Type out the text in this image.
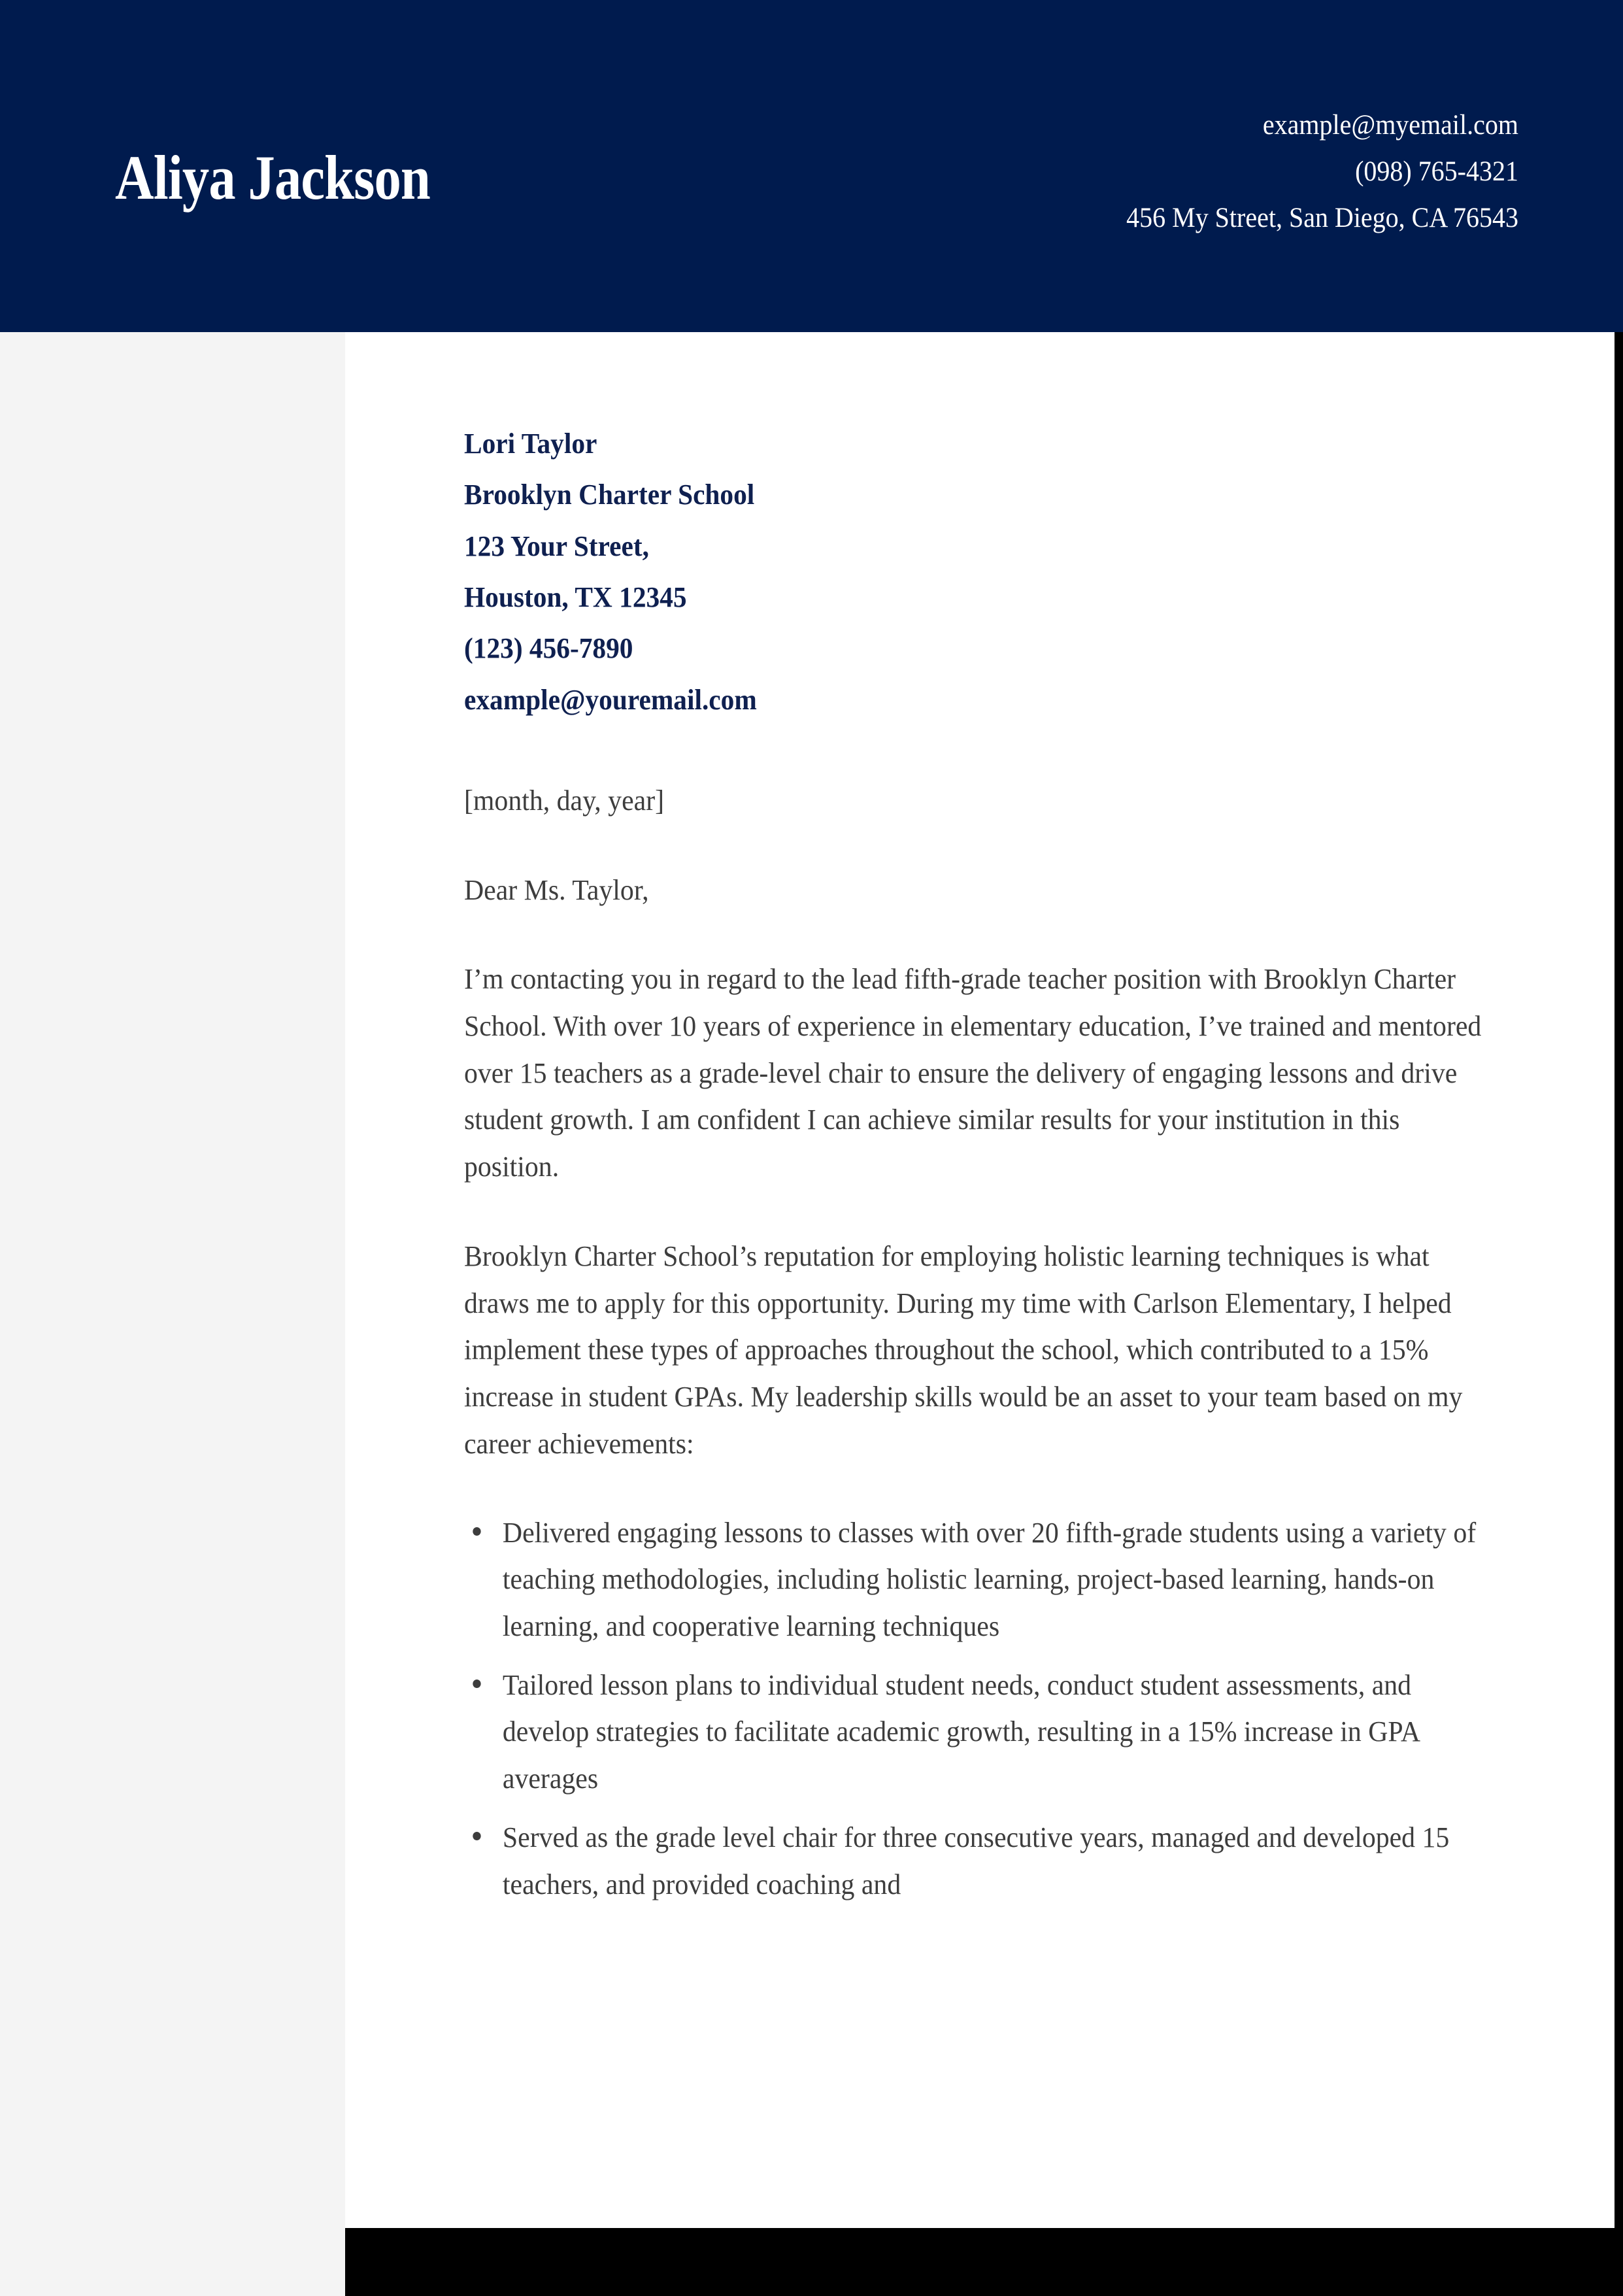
Aliya Jackson
example@myemail.com
(098) 765-4321
456 My Street, San Diego, CA 76543
Lori Taylor
Brooklyn Charter School
123 Your Street,
Houston, TX 12345
(123) 456-7890
example@youremail.com
[month, day, year]
Dear Ms. Taylor,
I’m contacting you in regard to the lead fifth-grade teacher position with Brooklyn Charter School. With over 10 years of experience in elementary education, I’ve trained and mentored over 15 teachers as a grade-level chair to ensure the delivery of engaging lessons and drive student growth. I am confident I can achieve similar results for your institution in this position.
Brooklyn Charter School’s reputation for employing holistic learning techniques is what draws me to apply for this opportunity. During my time with Carlson Elementary, I helped implement these types of approaches throughout the school, which contributed to a 15% increase in student GPAs. My leadership skills would be an asset to your team based on my career achievements:
Delivered engaging lessons to classes with over 20 fifth-grade students using a variety of teaching methodologies, including holistic learning, project-based learning, hands-on learning, and cooperative learning techniques
Tailored lesson plans to individual student needs, conduct student assessments, and develop strategies to facilitate academic growth, resulting in a 15% increase in GPA averages
Served as the grade level chair for three consecutive years, managed and developed 15 teachers, and provided coaching and
